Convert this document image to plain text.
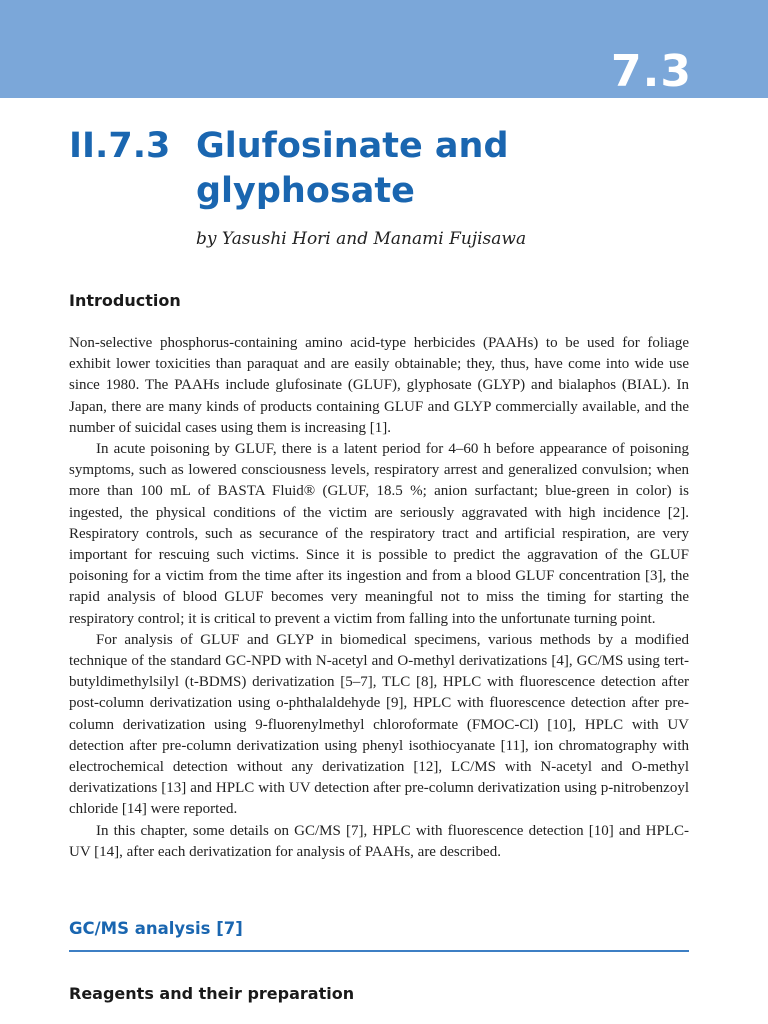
7.3
II.7.3 Glufosinate and glyphosate
by Yasushi Hori and Manami Fujisawa
Introduction

Non-selective phosphorus-containing amino acid-type herbicides (PAAHs) to be used for foliage exhibit lower toxicities than paraquat and are easily obtainable; they, thus, have come into wide use since 1980. The PAAHs include glufosinate (GLUF), glyphosate (GLYP) and bialaphos (BIAL). In Japan, there are many kinds of products containing GLUF and GLYP commercially available, and the number of suicidal cases using them is increasing [1].

In acute poisoning by GLUF, there is a latent period for 4–60 h before appearance of poisoning symptoms, such as lowered consciousness levels, respiratory arrest and generalized convulsion; when more than 100 mL of BASTA Fluid® (GLUF, 18.5 %; anion surfactant; blue-green in color) is ingested, the physical conditions of the victim are seriously aggravated with high incidence [2]. Respiratory controls, such as securance of the respiratory tract and artificial respiration, are very important for rescuing such victims. Since it is possible to predict the aggravation of the GLUF poisoning for a victim from the time after its ingestion and from a blood GLUF concentration [3], the rapid analysis of blood GLUF becomes very meaningful not to miss the timing for starting the respiratory control; it is critical to prevent a victim from falling into the unfortunate turning point.

For analysis of GLUF and GLYP in biomedical specimens, various methods by a modified technique of the standard GC-NPD with N-acetyl and O-methyl derivatizations [4], GC/MS using tert-butyldimethylsilyl (t-BDMS) derivatization [5–7], TLC [8], HPLC with fluorescence detection after post-column derivatization using o-phthalaldehyde [9], HPLC with fluorescence detection after pre-column derivatization using 9-fluorenylmethyl chloroformate (FMOC-Cl) [10], HPLC with UV detection after pre-column derivatization using phenyl isothiocyanate [11], ion chromatography with electrochemical detection without any derivatization [12], LC/MS with N-acetyl and O-methyl derivatizations [13] and HPLC with UV detection after pre-column derivatization using p-nitrobenzoyl chloride [14] were reported.

In this chapter, some details on GC/MS [7], HPLC with fluorescence detection [10] and HPLC-UV [14], after each derivatization for analysis of PAAHs, are described.

GC/MS analysis [7]
Reagents and their preparation
